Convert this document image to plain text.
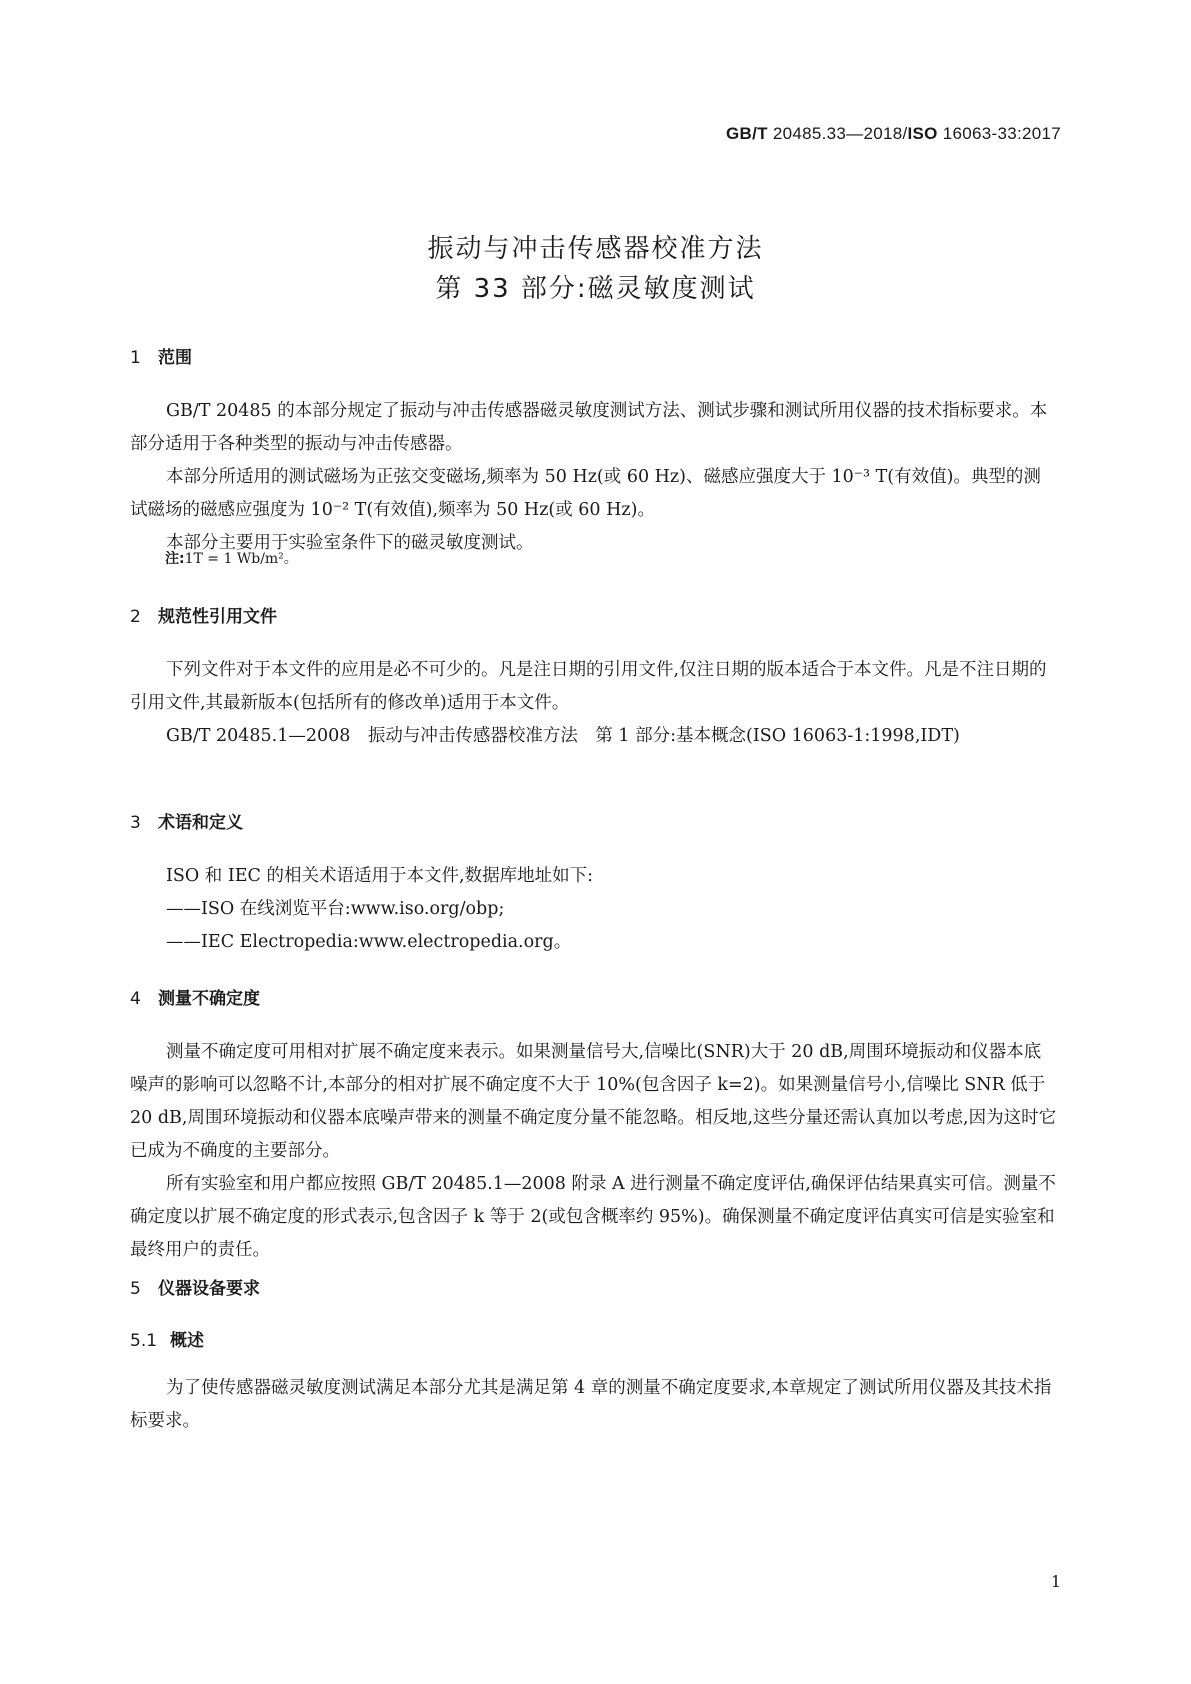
GB/T 20485.33—2018/ISO 16063-33:2017
振动与冲击传感器校准方法
第 33 部分:磁灵敏度测试
1 范围
GB/T 20485 的本部分规定了振动与冲击传感器磁灵敏度测试方法、测试步骤和测试所用仪器的技术指标要求。本部分适用于各种类型的振动与冲击传感器。
本部分所适用的测试磁场为正弦交变磁场,频率为 50 Hz(或 60 Hz)、磁感应强度大于 10⁻³ T(有效值)。典型的测试磁场的磁感应强度为 10⁻² T(有效值),频率为 50 Hz(或 60 Hz)。
本部分主要用于实验室条件下的磁灵敏度测试。
注:1T = 1 Wb/m²。
2 规范性引用文件
下列文件对于本文件的应用是必不可少的。凡是注日期的引用文件,仅注日期的版本适合于本文件。凡是不注日期的引用文件,其最新版本(包括所有的修改单)适用于本文件。
GB/T 20485.1—2008　振动与冲击传感器校准方法　第 1 部分:基本概念(ISO 16063-1:1998,IDT)
3 术语和定义
ISO 和 IEC 的相关术语适用于本文件,数据库地址如下:
——ISO 在线浏览平台:www.iso.org/obp;
——IEC Electropedia:www.electropedia.org。
4 测量不确定度
测量不确定度可用相对扩展不确定度来表示。如果测量信号大,信噪比(SNR)大于 20 dB,周围环境振动和仪器本底噪声的影响可以忽略不计,本部分的相对扩展不确定度不大于 10%(包含因子 k=2)。如果测量信号小,信噪比 SNR 低于 20 dB,周围环境振动和仪器本底噪声带来的测量不确定度分量不能忽略。相反地,这些分量还需认真加以考虑,因为这时它已成为不确度的主要部分。
所有实验室和用户都应按照 GB/T 20485.1—2008 附录 A 进行测量不确定度评估,确保评估结果真实可信。测量不确定度以扩展不确定度的形式表示,包含因子 k 等于 2(或包含概率约 95%)。确保测量不确定度评估真实可信是实验室和最终用户的责任。
5 仪器设备要求
5.1 概述
为了使传感器磁灵敏度测试满足本部分尤其是满足第 4 章的测量不确定度要求,本章规定了测试所用仪器及其技术指标要求。
1
